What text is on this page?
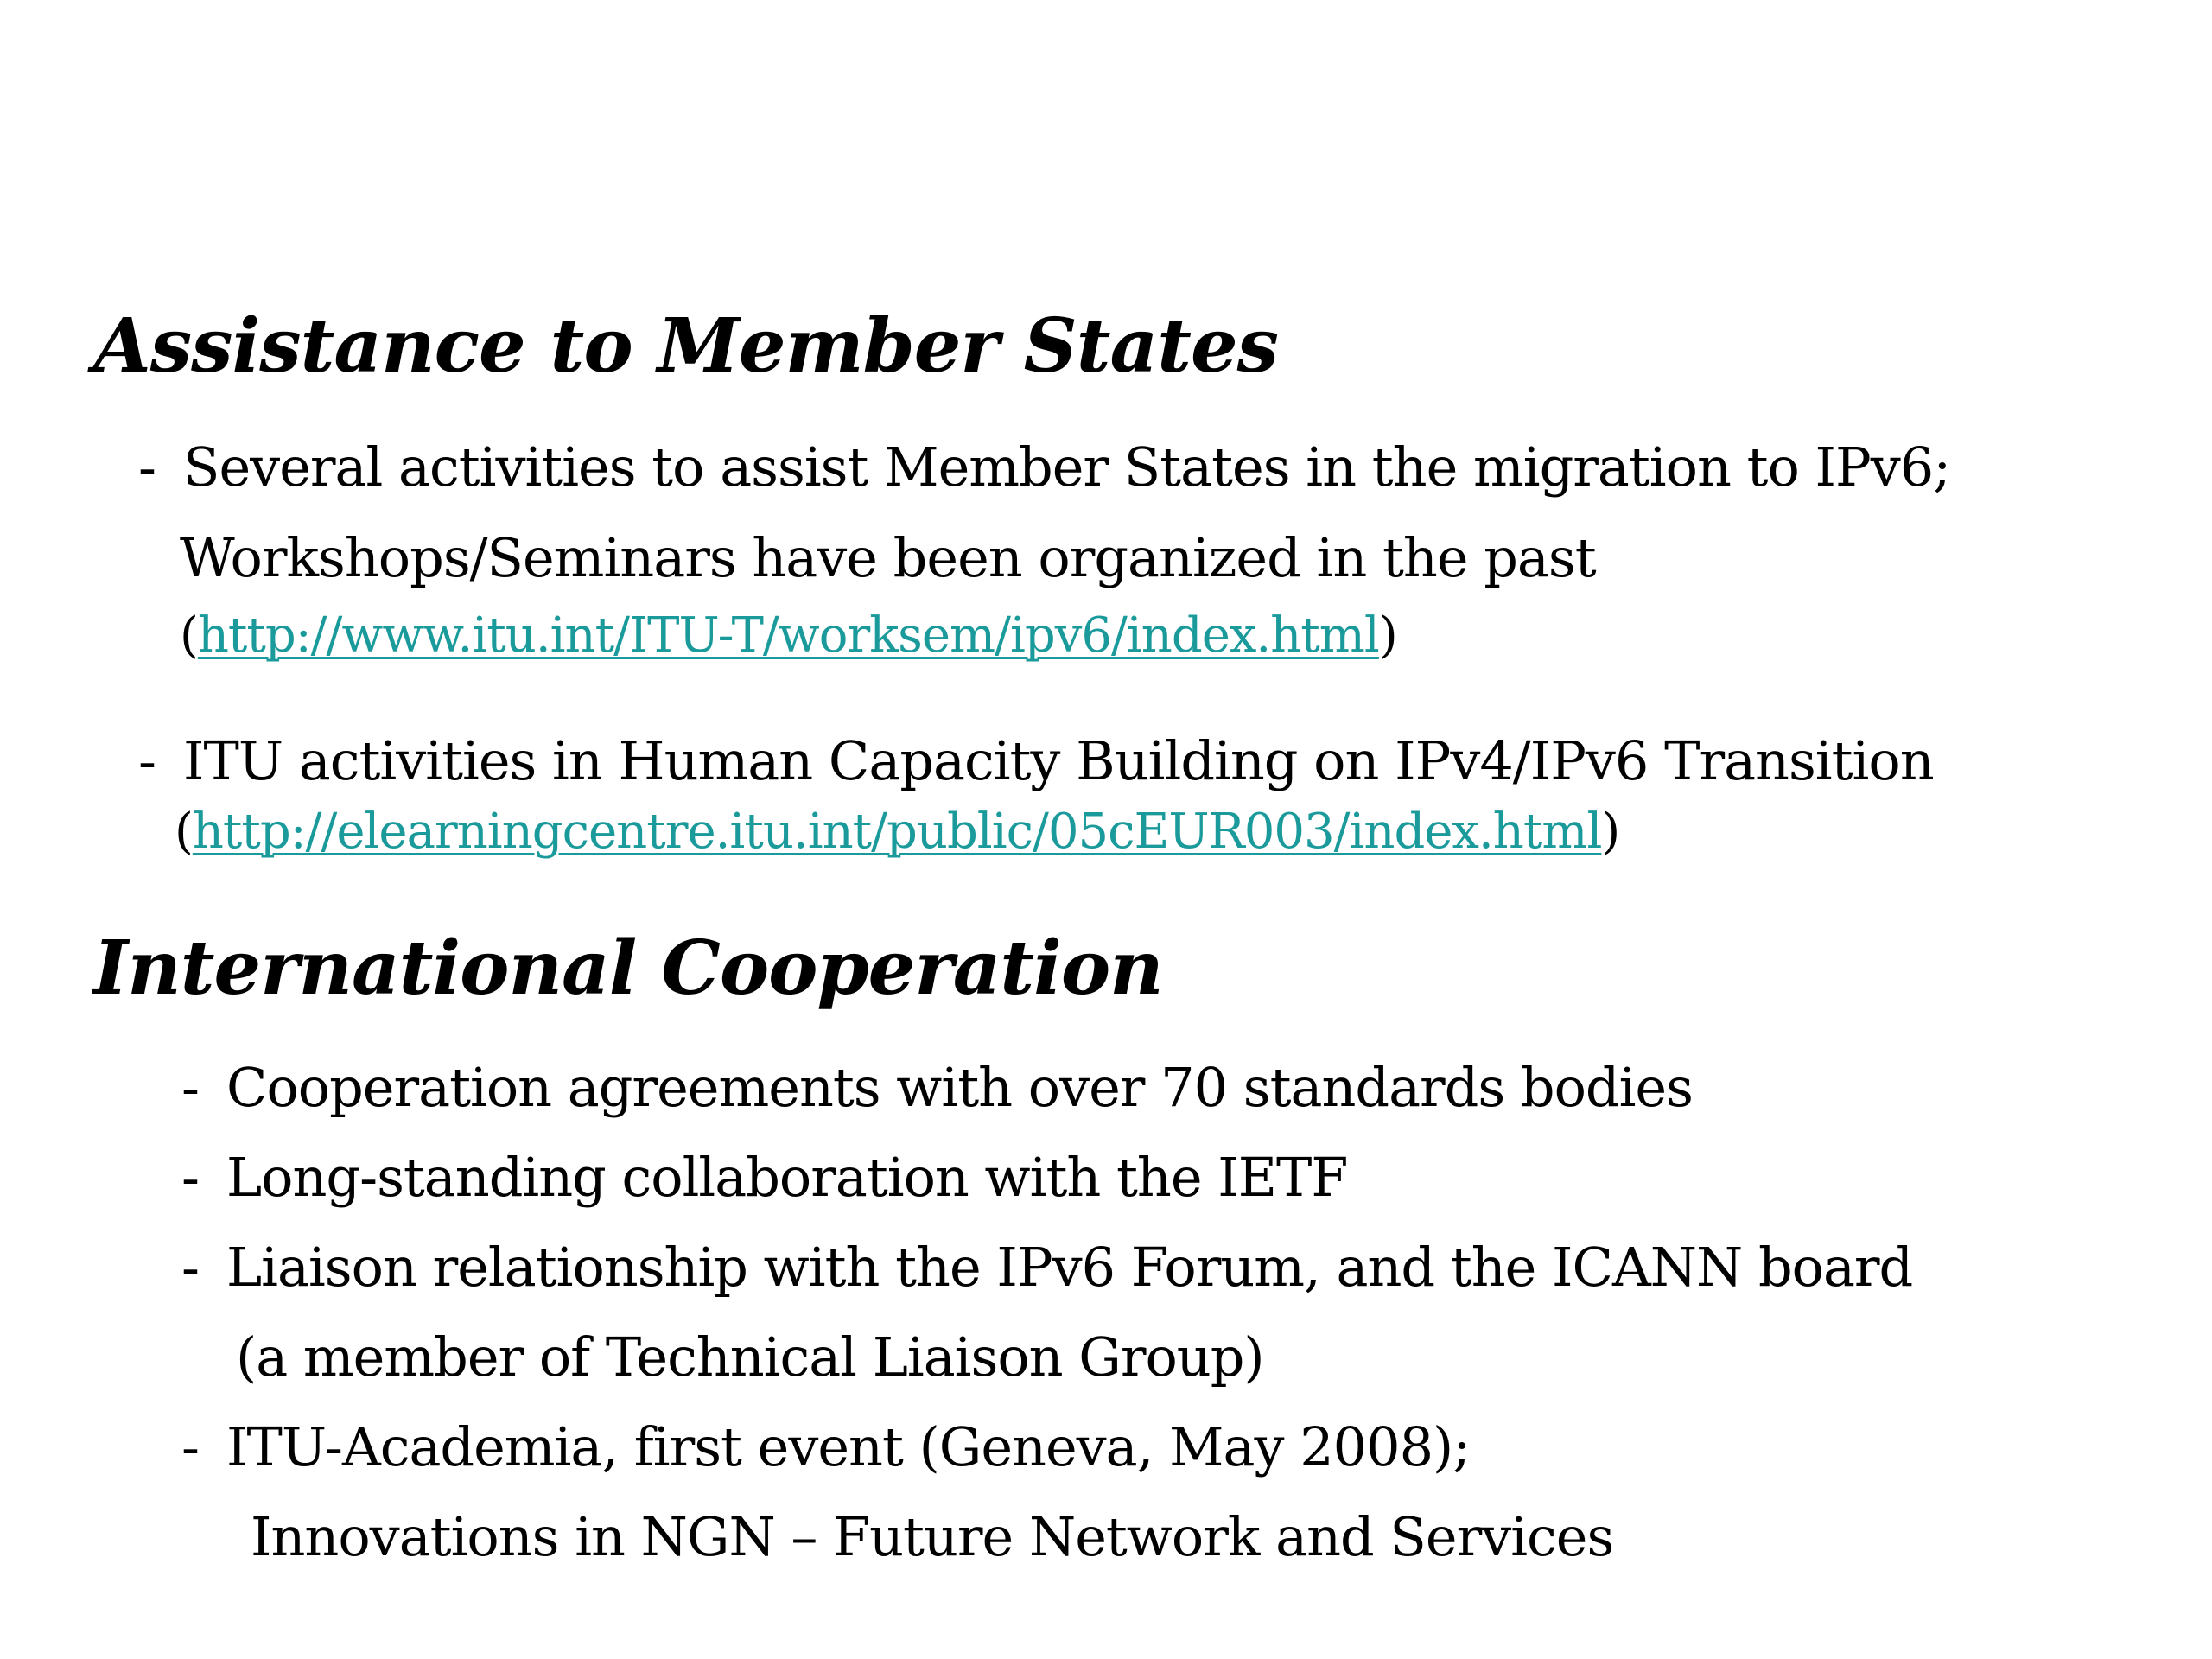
Assistance to Member States

- Several activities to assist Member States in the migration to IPv6;

Workshops/Seminars have been organized in the past

(http://www.itu.int/ITU-T/worksem/ipv6/index.html)

- ITU activities in Human Capacity Building on IPv4/IPv6 Transition

(http://elearningcentre.itu.int/public/05cEUR003/index.html)

International Cooperation

- Cooperation agreements with over 70 standards bodies

- Long-standing collaboration with the IETF

- Liaison relationship with the IPv6 Forum, and the ICANN board

(a member of Technical Liaison Group)

- ITU-Academia, first event (Geneva, May 2008);

Innovations in NGN – Future Network and Services
